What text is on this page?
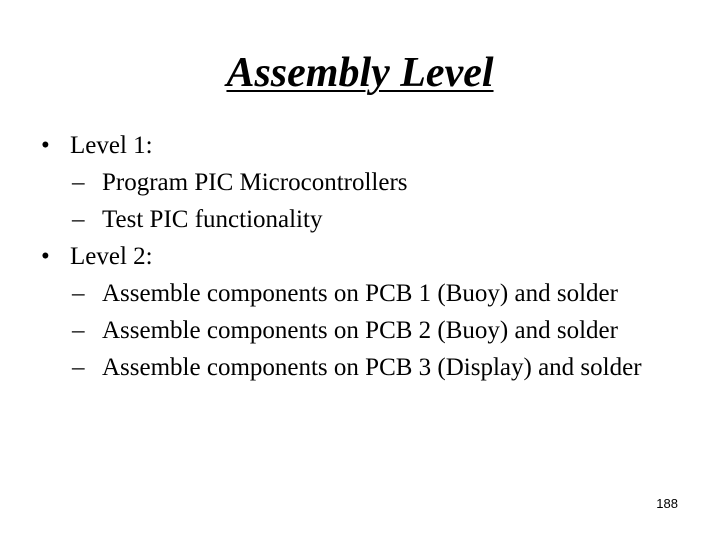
Assembly Level
• Level 1:
– Program PIC Microcontrollers
– Test PIC functionality
• Level 2:
– Assemble components on PCB 1 (Buoy) and solder
– Assemble components on PCB 2 (Buoy) and solder
– Assemble components on PCB 3 (Display) and solder
188
